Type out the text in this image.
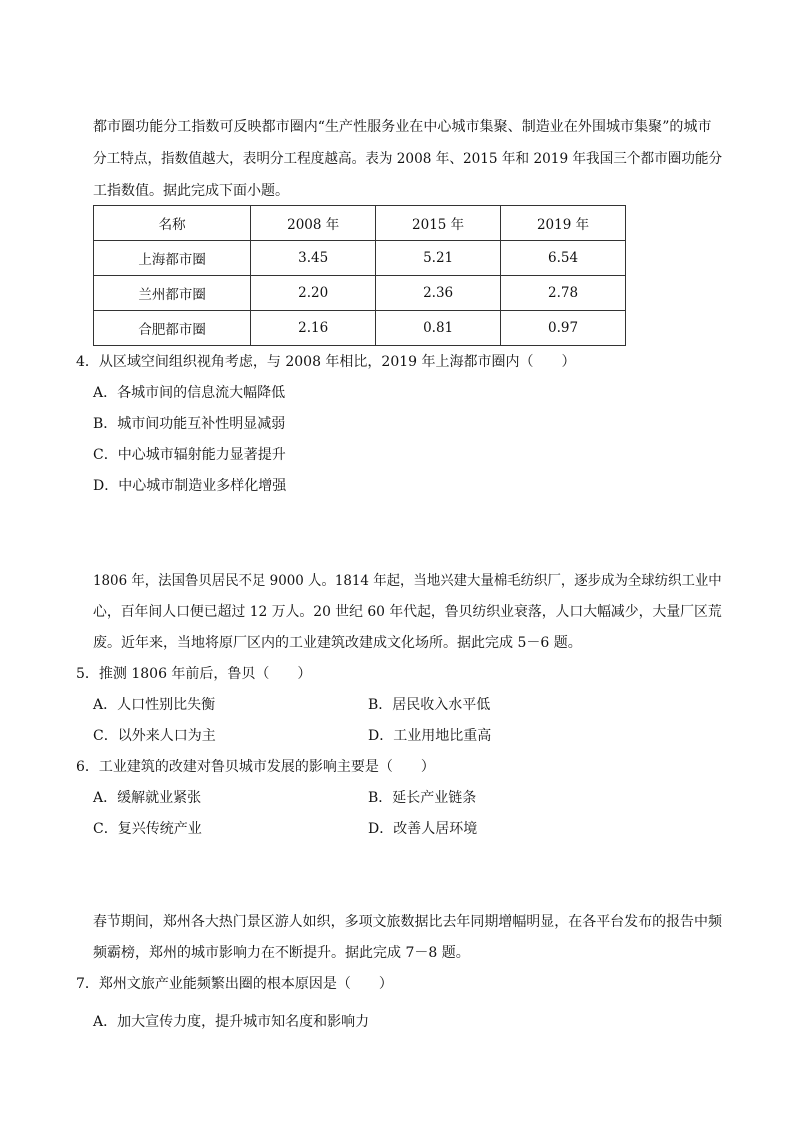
都市圈功能分工指数可反映都市圈内“生产性服务业在中心城市集聚、制造业在外围城市集聚”的城市
分工特点，指数值越大，表明分工程度越高。表为 2008 年、2015 年和 2019 年我国三个都市圈功能分
工指数值。据此完成下面小题。
名称	2008 年	2015 年	2019 年
上海都市圈	3.45	5.21	6.54
兰州都市圈	2.20	2.36	2.78
合肥都市圈	2.16	0.81	0.97
4．从区域空间组织视角考虑，与 2008 年相比，2019 年上海都市圈内（　　）
A．各城市间的信息流大幅降低
B．城市间功能互补性明显减弱
C．中心城市辐射能力显著提升
D．中心城市制造业多样化增强
1806 年，法国鲁贝居民不足 9000 人。1814 年起，当地兴建大量棉毛纺织厂，逐步成为全球纺织工业中
心，百年间人口便已超过 12 万人。20 世纪 60 年代起，鲁贝纺织业衰落，人口大幅减少，大量厂区荒
废。近年来，当地将原厂区内的工业建筑改建成文化场所。据此完成 5－6 题。
5．推测 1806 年前后，鲁贝（　　）
A．人口性别比失衡	B．居民收入水平低
C．以外来人口为主	D．工业用地比重高
6．工业建筑的改建对鲁贝城市发展的影响主要是（　　）
A．缓解就业紧张	B．延长产业链条
C．复兴传统产业	D．改善人居环境
春节期间，郑州各大热门景区游人如织，多项文旅数据比去年同期增幅明显，在各平台发布的报告中频
频霸榜，郑州的城市影响力在不断提升。据此完成 7－8 题。
7．郑州文旅产业能频繁出圈的根本原因是（　　）
A．加大宣传力度，提升城市知名度和影响力
